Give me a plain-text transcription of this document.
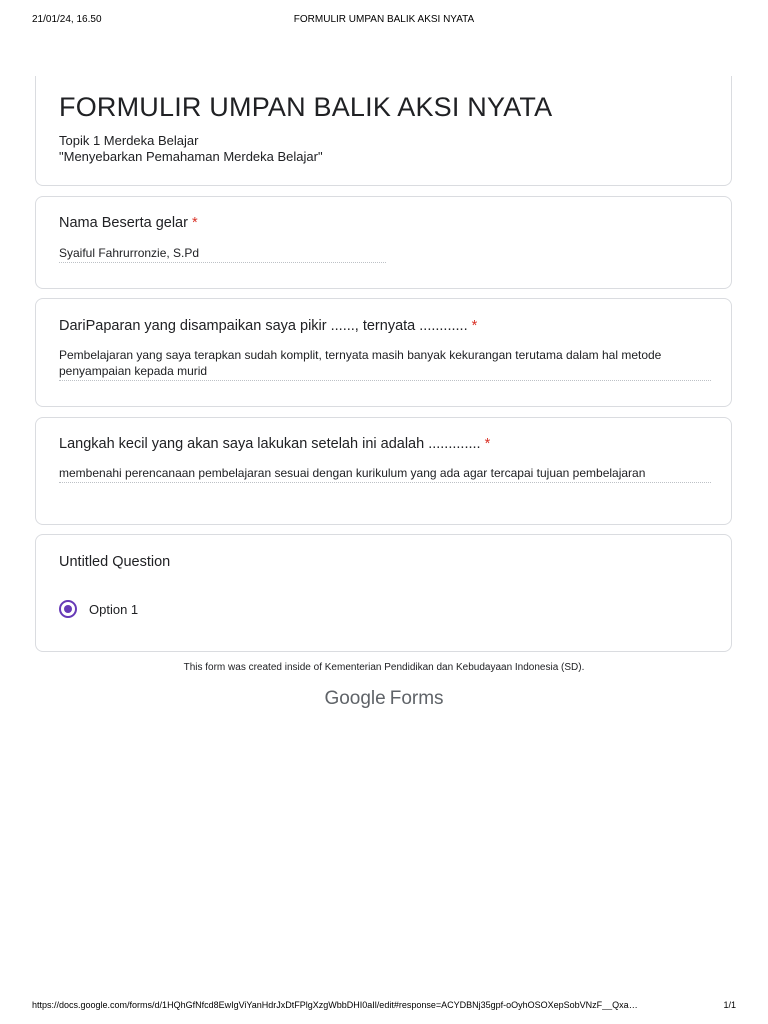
21/01/24, 16.50	FORMULIR UMPAN BALIK AKSI NYATA
FORMULIR UMPAN BALIK AKSI NYATA
Topik 1 Merdeka Belajar
"Menyebarkan Pemahaman Merdeka Belajar"
Nama Beserta gelar *
Syaiful Fahrurronzie, S.Pd
DariPaparan yang disampaikan saya pikir ......, ternyata ............ *
Pembelajaran yang saya terapkan sudah komplit, ternyata masih banyak kekurangan terutama dalam hal metode penyampaian kepada murid
Langkah kecil yang akan saya lakukan setelah ini adalah ............. *
membenahi perencanaan pembelajaran sesuai dengan kurikulum yang ada agar tercapai tujuan pembelajaran
Untitled Question
Option 1
This form was created inside of Kementerian Pendidikan dan Kebudayaan Indonesia (SD).
Google Forms
https://docs.google.com/forms/d/1HQhGfNfcd8EwIgViYanHdrJxDtFPlgXzgWbbDHI0aIl/edit#response=ACYDBNj35gpf-oOyhOSOXepSobVNzF__Qxa…	1/1
